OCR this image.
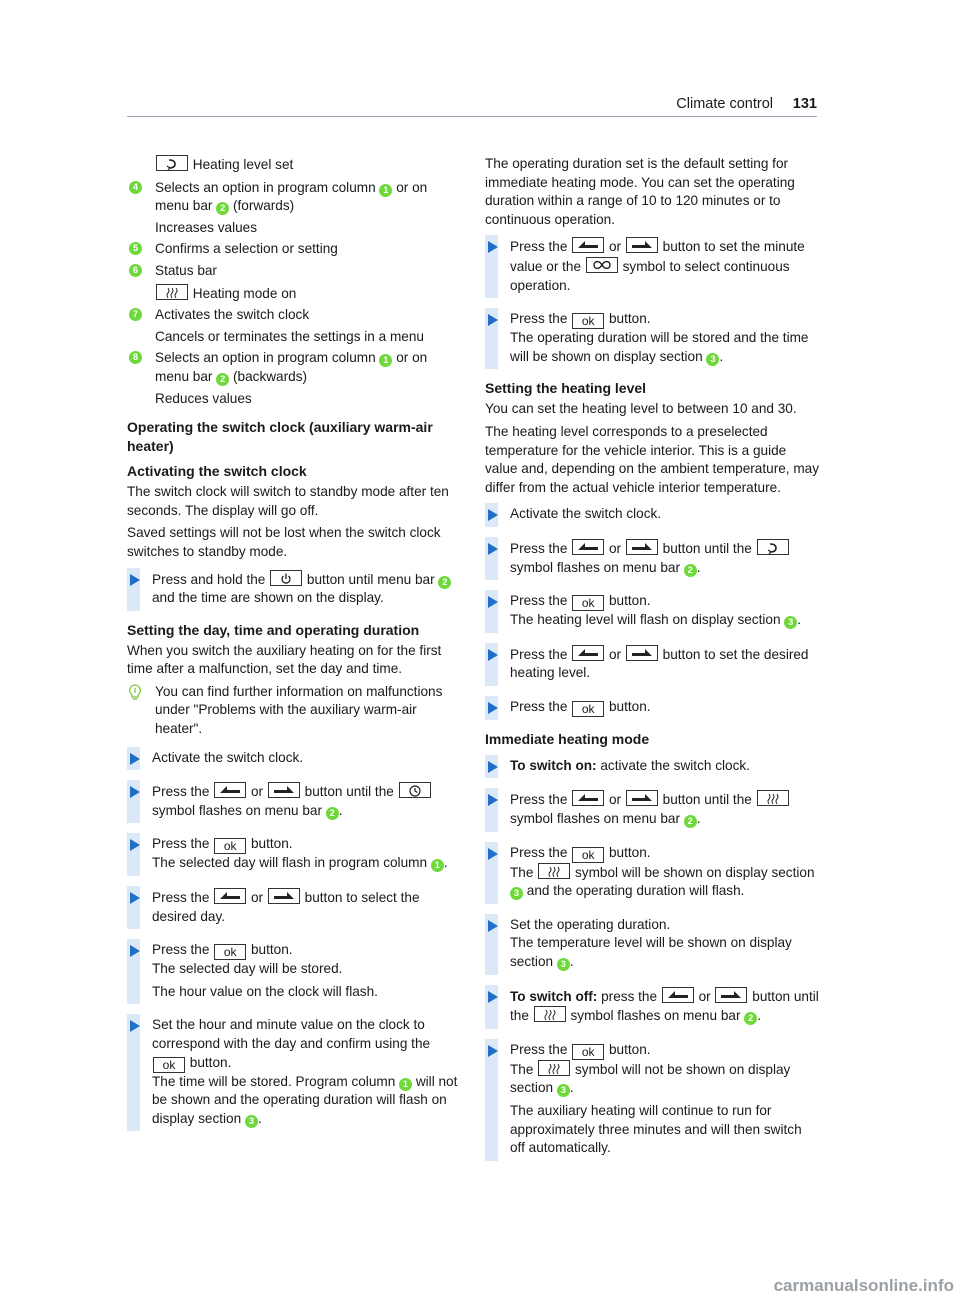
Climate control 131

Heating level set

4 Selects an option in program column 1 or on menu bar 2 (forwards)

Increases values

5 Confirms a selection or setting

6 Status bar

Heating mode on

7 Activates the switch clock

Cancels or terminates the settings in a menu

8 Selects an option in program column 1 or on menu bar 2 (backwards)

Reduces values

Operating the switch clock (auxiliary warm-air heater)
Activating the switch clock

The switch clock will switch to standby mode after ten seconds. The display will go off.

Saved settings will not be lost when the switch clock switches to standby mode.

Press and hold the	button until menu bar 2 and the time are shown on the display.

Setting the day, time and operating duration

When you switch the auxiliary heating on for the first time after a malfunction, set the day and time.

You can find further information on malfunctions under "Problems with the auxiliary warm-air heater".

Activate the switch clock.

Press the	or	button until the
symbol flashes on menu bar 2 .

Press the ok button.
The selected day will flash in program column 1 .

Press the	or	button to select the desired day.

Press the ok button.
The selected day will be stored.

The hour value on the clock will flash.

Set the hour and minute value on the clock to correspond with the day and confirm using the ok button.
The time will be stored. Program column 1 will not be shown and the operating duration will flash on display section 3 .

The operating duration set is the default setting for immediate heating mode. You can set the operating duration within a range of 10 to 120 minutes or to continuous operation.

Press the	or	button to set the minute value or the	symbol to select continuous operation.

Press the ok button.
The operating duration will be stored and the time will be shown on display section 3 .

Setting the heating level

You can set the heating level to between 10 and 30.

The heating level corresponds to a preselected temperature for the vehicle interior. This is a guide value and, depending on the ambient temperature, may differ from the actual vehicle interior temperature.

Activate the switch clock.

Press the	or	button until the
symbol flashes on menu bar 2 .

Press the ok button.
The heating level will flash on display section 3 .

Press the	or	button to set the desired heating level.

Press the ok button.

Immediate heating mode

To switch on: activate the switch clock.

Press the	or	button until the
symbol flashes on menu bar 2 .

Press the ok button.
The	symbol will be shown on display section 3 and the operating duration will flash.

Set the operating duration.
The temperature level will be shown on display section 3 .

To switch off: press the	or	button until the	symbol flashes on menu bar 2 .

Press the ok button.
The	symbol will not be shown on display section 3 .

The auxiliary heating will continue to run for approximately three minutes and will then switch off automatically.

carmanualsonline.info
